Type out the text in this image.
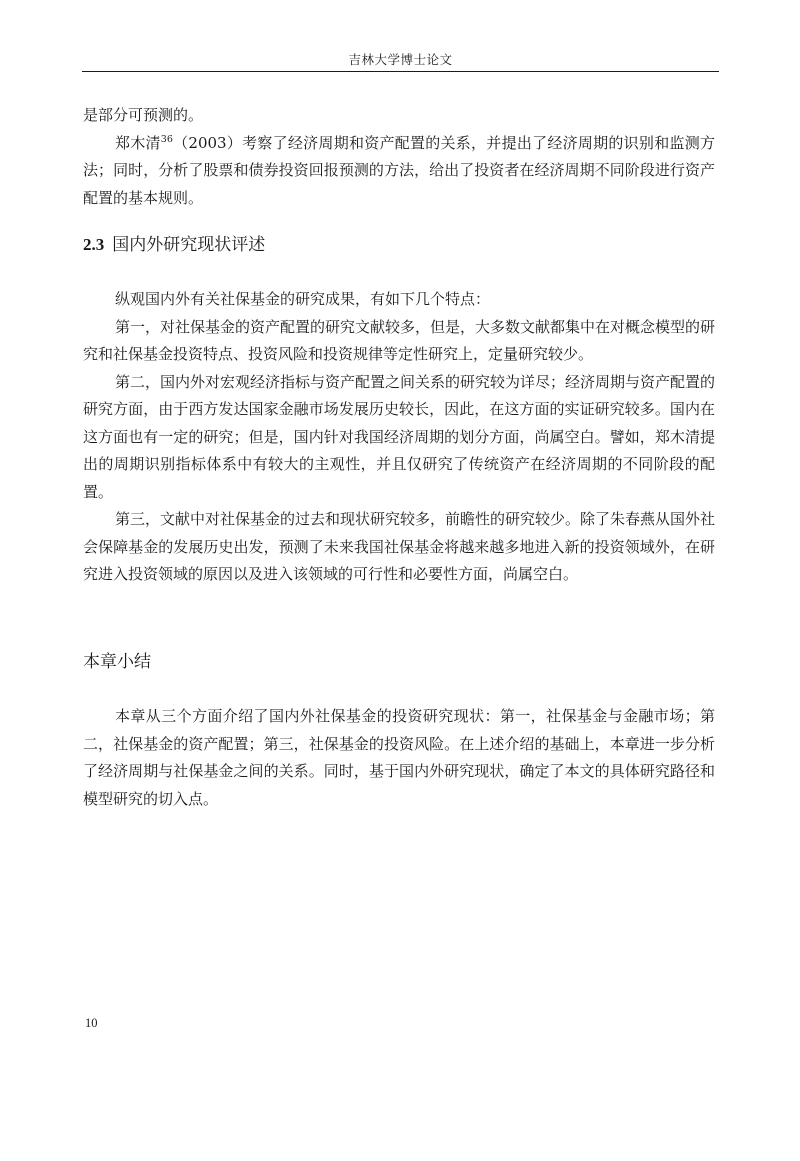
吉林大学博士论文

是部分可预测的。

郑木清$^{36}$（2003）考察了经济周期和资产配置的关系，并提出了经济周期的识别和监测方法；同时，分析了股票和债券投资回报预测的方法，给出了投资者在经济周期不同阶段进行资产配置的基本规则。

2.3 国内外研究现状评述

纵观国内外有关社保基金的研究成果，有如下几个特点：

第一，对社保基金的资产配置的研究文献较多，但是，大多数文献都集中在对概念模型的研究和社保基金投资特点、投资风险和投资规律等定性研究上，定量研究较少。

第二，国内外对宏观经济指标与资产配置之间关系的研究较为详尽；经济周期与资产配置的研究方面，由于西方发达国家金融市场发展历史较长，因此，在这方面的实证研究较多。国内在这方面也有一定的研究；但是，国内针对我国经济周期的划分方面，尚属空白。譬如，郑木清提出的周期识别指标体系中有较大的主观性，并且仅研究了传统资产在经济周期的不同阶段的配置。

第三，文献中对社保基金的过去和现状研究较多，前瞻性的研究较少。除了朱春燕从国外社会保障基金的发展历史出发，预测了未来我国社保基金将越来越多地进入新的投资领域外，在研究进入投资领域的原因以及进入该领域的可行性和必要性方面，尚属空白。

本章小结

本章从三个方面介绍了国内外社保基金的投资研究现状：第一，社保基金与金融市场；第二，社保基金的资产配置；第三，社保基金的投资风险。在上述介绍的基础上，本章进一步分析了经济周期与社保基金之间的关系。同时，基于国内外研究现状，确定了本文的具体研究路径和模型研究的切入点。

10
